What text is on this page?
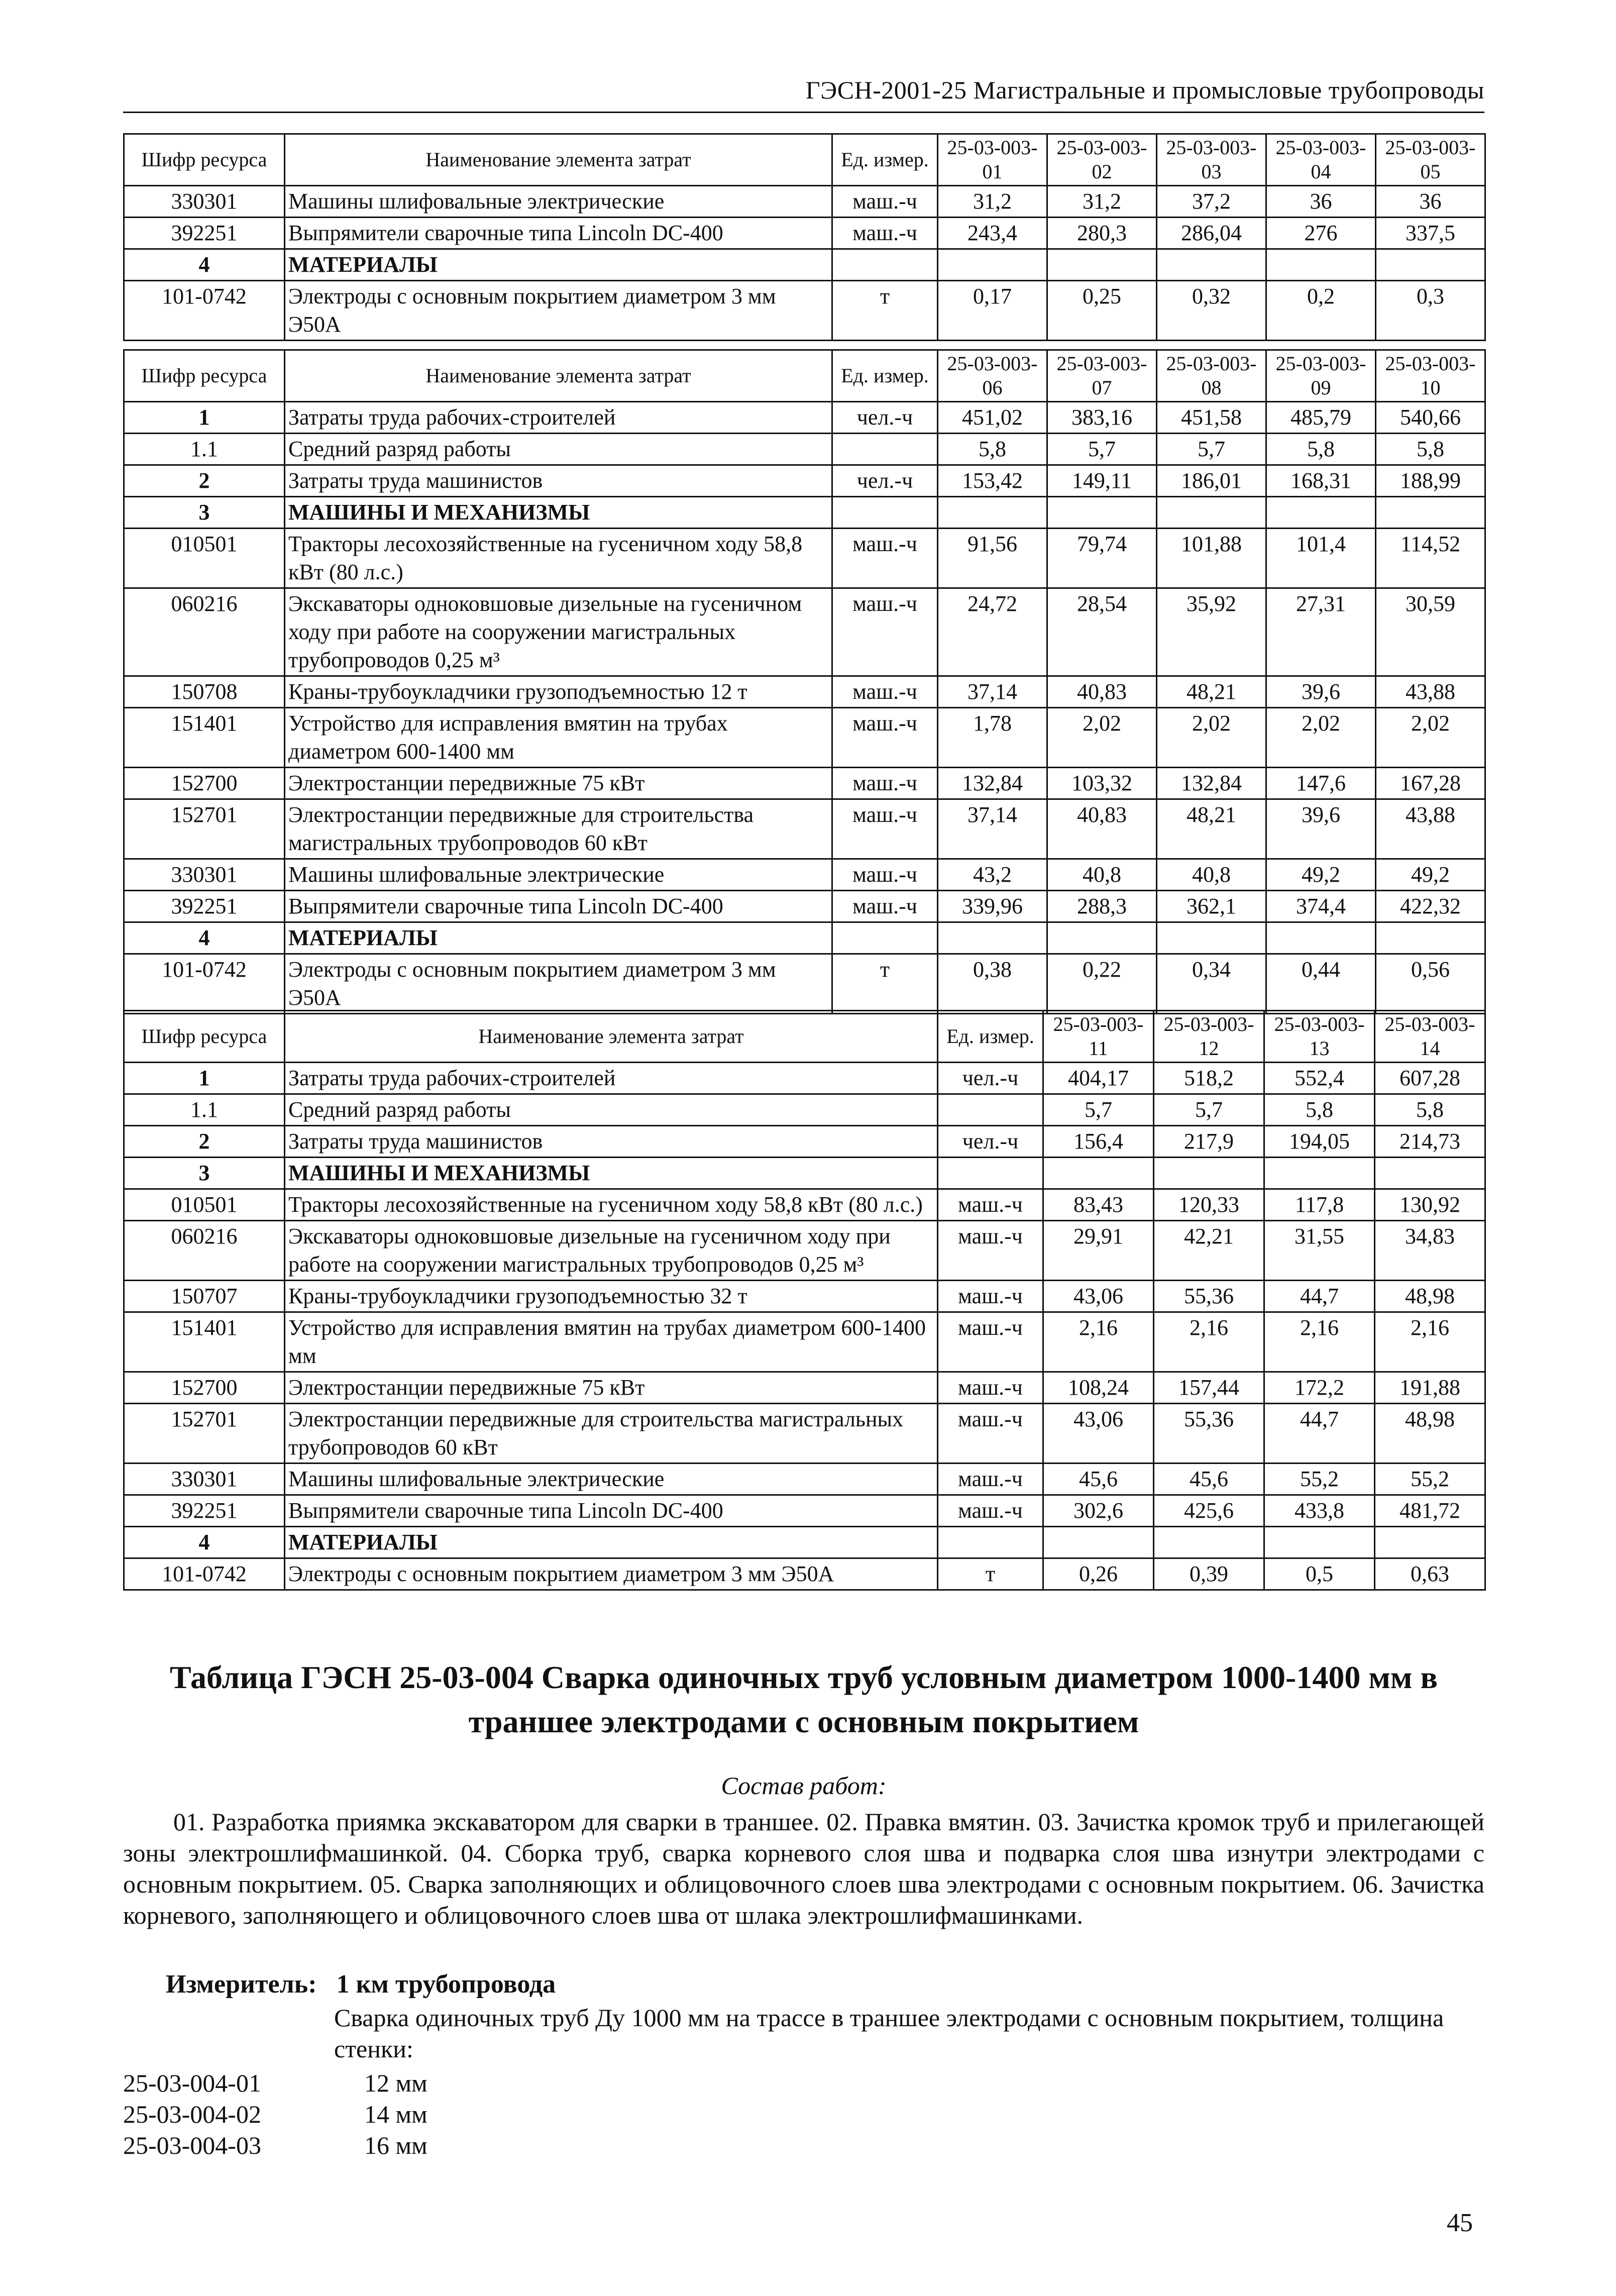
ГЭСН-2001-25 Магистральные и промысловые трубопроводы
Шифр ресурса	Наименование элемента затрат	Ед. измер.	25-03-003-01	25-03-003-02	25-03-003-03	25-03-003-04	25-03-003-05
330301	Машины шлифовальные электрические	маш.-ч	31,2	31,2	37,2	36	36
392251	Выпрямители сварочные типа Lincoln DC-400	маш.-ч	243,4	280,3	286,04	276	337,5
4	МАТЕРИАЛЫ						
101-0742	Электроды с основным покрытием диаметром 3 мм Э50А	т	0,17	0,25	0,32	0,2	0,3
Шифр ресурса	Наименование элемента затрат	Ед. измер.	25-03-003-06	25-03-003-07	25-03-003-08	25-03-003-09	25-03-003-10
1	Затраты труда рабочих-строителей	чел.-ч	451,02	383,16	451,58	485,79	540,66
1.1	Средний разряд работы		5,8	5,7	5,7	5,8	5,8
2	Затраты труда машинистов	чел.-ч	153,42	149,11	186,01	168,31	188,99
3	МАШИНЫ И МЕХАНИЗМЫ						
010501	Тракторы лесохозяйственные на гусеничном ходу 58,8 кВт (80 л.с.)	маш.-ч	91,56	79,74	101,88	101,4	114,52
060216	Экскаваторы одноковшовые дизельные на гусеничном ходу при работе на сооружении магистральных трубопроводов 0,25 м³	маш.-ч	24,72	28,54	35,92	27,31	30,59
150708	Краны-трубоукладчики грузоподъемностью 12 т	маш.-ч	37,14	40,83	48,21	39,6	43,88
151401	Устройство для исправления вмятин на трубах диаметром 600-1400 мм	маш.-ч	1,78	2,02	2,02	2,02	2,02
152700	Электростанции передвижные 75 кВт	маш.-ч	132,84	103,32	132,84	147,6	167,28
152701	Электростанции передвижные для строительства магистральных трубопроводов 60 кВт	маш.-ч	37,14	40,83	48,21	39,6	43,88
330301	Машины шлифовальные электрические	маш.-ч	43,2	40,8	40,8	49,2	49,2
392251	Выпрямители сварочные типа Lincoln DC-400	маш.-ч	339,96	288,3	362,1	374,4	422,32
4	МАТЕРИАЛЫ						
101-0742	Электроды с основным покрытием диаметром 3 мм Э50А	т	0,38	0,22	0,34	0,44	0,56
Шифр ресурса	Наименование элемента затрат	Ед. измер.	25-03-003-11	25-03-003-12	25-03-003-13	25-03-003-14
1	Затраты труда рабочих-строителей	чел.-ч	404,17	518,2	552,4	607,28
1.1	Средний разряд работы		5,7	5,7	5,8	5,8
2	Затраты труда машинистов	чел.-ч	156,4	217,9	194,05	214,73
3	МАШИНЫ И МЕХАНИЗМЫ					
010501	Тракторы лесохозяйственные на гусеничном ходу 58,8 кВт (80 л.с.)	маш.-ч	83,43	120,33	117,8	130,92
060216	Экскаваторы одноковшовые дизельные на гусеничном ходу при работе на сооружении магистральных трубопроводов 0,25 м³	маш.-ч	29,91	42,21	31,55	34,83
150707	Краны-трубоукладчики грузоподъемностью 32 т	маш.-ч	43,06	55,36	44,7	48,98
151401	Устройство для исправления вмятин на трубах диаметром 600-1400 мм	маш.-ч	2,16	2,16	2,16	2,16
152700	Электростанции передвижные 75 кВт	маш.-ч	108,24	157,44	172,2	191,88
152701	Электростанции передвижные для строительства магистральных трубопроводов 60 кВт	маш.-ч	43,06	55,36	44,7	48,98
330301	Машины шлифовальные электрические	маш.-ч	45,6	45,6	55,2	55,2
392251	Выпрямители сварочные типа Lincoln DC-400	маш.-ч	302,6	425,6	433,8	481,72
4	МАТЕРИАЛЫ					
101-0742	Электроды с основным покрытием диаметром 3 мм Э50А	т	0,26	0,39	0,5	0,63
Таблица ГЭСН 25-03-004 Сварка одиночных труб условным диаметром 1000-1400 мм в траншее электродами с основным покрытием
Состав работ:
01. Разработка приямка экскаватором для сварки в траншее. 02. Правка вмятин. 03. Зачистка кромок труб и прилегающей зоны электрошлифмашинкой. 04. Сборка труб, сварка корневого слоя шва и подварка слоя шва изнутри электродами с основным покрытием. 05. Сварка заполняющих и облицовочного слоев шва электродами с основным покрытием. 06. Зачистка корневого, заполняющего и облицовочного слоев шва от шлака электрошлифмашинками.
Измеритель:   1 км трубопровода
Сварка одиночных труб Ду 1000 мм на трассе в траншее электродами с основным покрытием, толщина стенки:
25-03-004-01	12 мм
25-03-004-02	14 мм
25-03-004-03	16 мм
45
